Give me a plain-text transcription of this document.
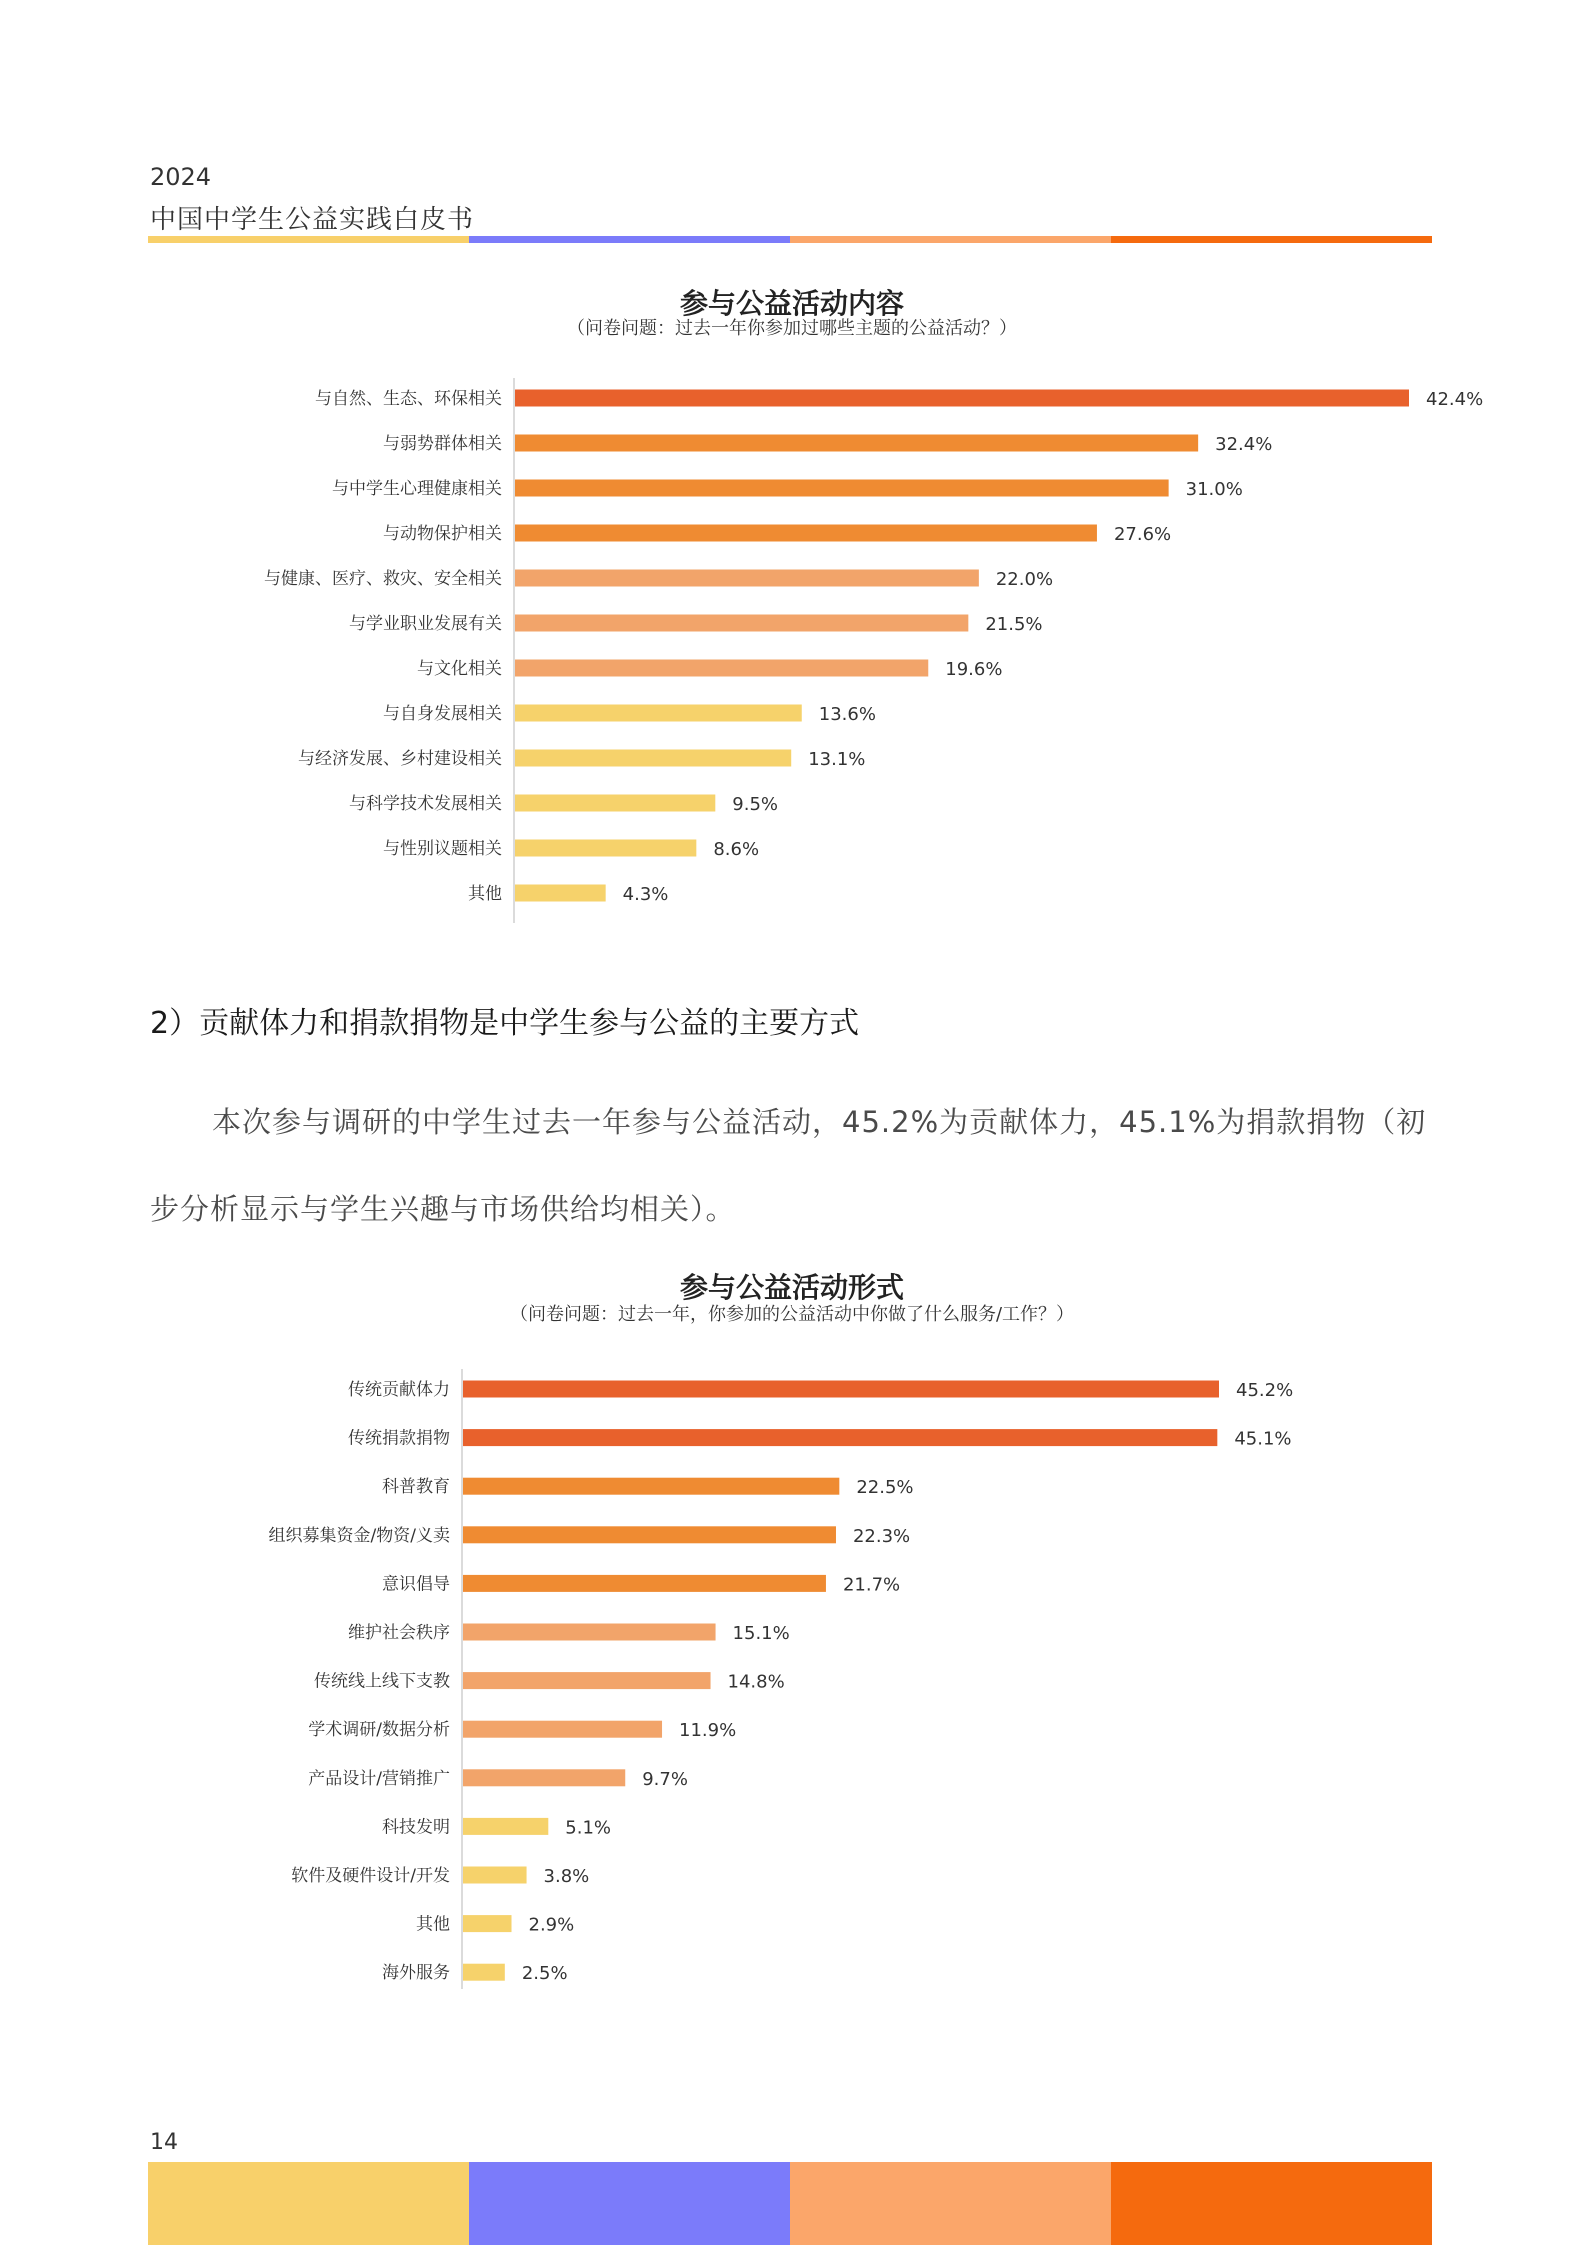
2024
中国中学生公益实践白皮书
参与公益活动内容
（问卷问题：过去一年你参加过哪些主题的公益活动？）
与自然、生态、环保相关	42.4%
与弱势群体相关	32.4%
与中学生心理健康相关	31.0%
与动物保护相关	27.6%
与健康、医疗、救灾、安全相关	22.0%
与学业职业发展有关	21.5%
与文化相关	19.6%
与自身发展相关	13.6%
与经济发展、乡村建设相关	13.1%
与科学技术发展相关	9.5%
与性别议题相关	8.6%
其他	4.3%
2）贡献体力和捐款捐物是中学生参与公益的主要方式
本次参与调研的中学生过去一年参与公益活动，45.2%为贡献体力，45.1%为捐款捐物（初
步分析显示与学生兴趣与市场供给均相关）。
参与公益活动形式
（问卷问题：过去一年，你参加的公益活动中你做了什么服务/工作？）
传统贡献体力	45.2%
传统捐款捐物	45.1%
科普教育	22.5%
组织募集资金/物资/义卖	22.3%
意识倡导	21.7%
维护社会秩序	15.1%
传统线上线下支教	14.8%
学术调研/数据分析	11.9%
产品设计/营销推广	9.7%
科技发明	5.1%
软件及硬件设计/开发	3.8%
其他	2.9%
海外服务	2.5%
14
